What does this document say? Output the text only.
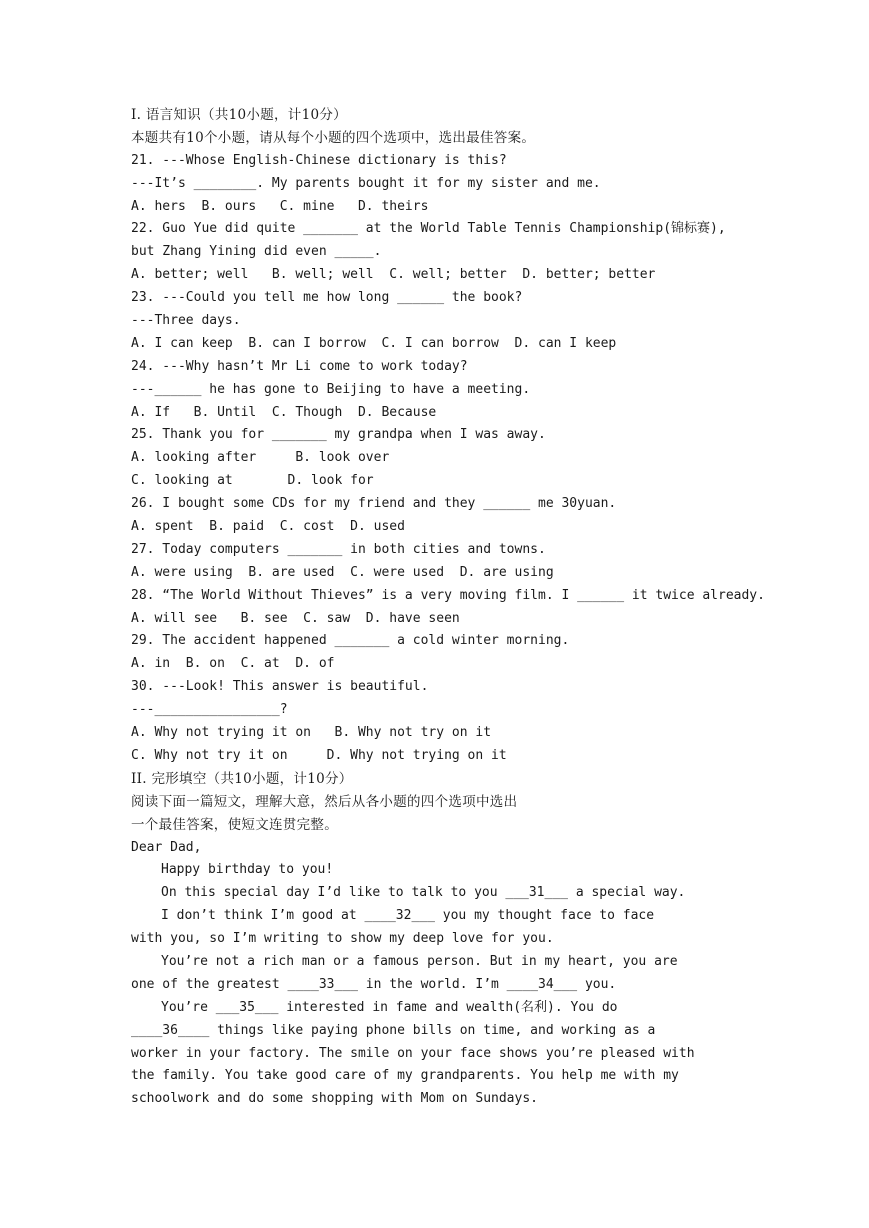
I. 语言知识（共10小题，计10分）
本题共有10个小题，请从每个小题的四个选项中，选出最佳答案。
21. ---Whose English-Chinese dictionary is this?
---It’s ________. My parents bought it for my sister and me.
A. hers  B. ours   C. mine   D. theirs
22. Guo Yue did quite _______ at the World Table Tennis Championship(锦标赛),
but Zhang Yining did even _____.
A. better; well   B. well; well  C. well; better  D. better; better
23. ---Could you tell me how long ______ the book?
---Three days.
A. I can keep  B. can I borrow  C. I can borrow  D. can I keep
24. ---Why hasn’t Mr Li come to work today?
---______ he has gone to Beijing to have a meeting.
A. If   B. Until  C. Though  D. Because
25. Thank you for _______ my grandpa when I was away.
A. looking after     B. look over
C. looking at       D. look for
26. I bought some CDs for my friend and they ______ me 30yuan.
A. spent  B. paid  C. cost  D. used
27. Today computers _______ in both cities and towns.
A. were using  B. are used  C. were used  D. are using
28. “The World Without Thieves” is a very moving film. I ______ it twice already.
A. will see   B. see  C. saw  D. have seen
29. The accident happened _______ a cold winter morning.
A. in  B. on  C. at  D. of
30. ---Look! This answer is beautiful.
---________________?
A. Why not trying it on   B. Why not try on it
C. Why not try it on     D. Why not trying on it
II. 完形填空（共10小题，计10分）
阅读下面一篇短文，理解大意，然后从各小题的四个选项中选出
一个最佳答案，使短文连贯完整。
Dear Dad,
Happy birthday to you!
On this special day I’d like to talk to you ___31___ a special way.
I don’t think I’m good at ____32___ you my thought face to face
with you, so I’m writing to show my deep love for you.
You’re not a rich man or a famous person. But in my heart, you are
one of the greatest ____33___ in the world. I’m ____34___ you.
You’re ___35___ interested in fame and wealth(名利). You do
____36____ things like paying phone bills on time, and working as a
worker in your factory. The smile on your face shows you’re pleased with
the family. You take good care of my grandparents. You help me with my
schoolwork and do some shopping with Mom on Sundays.
